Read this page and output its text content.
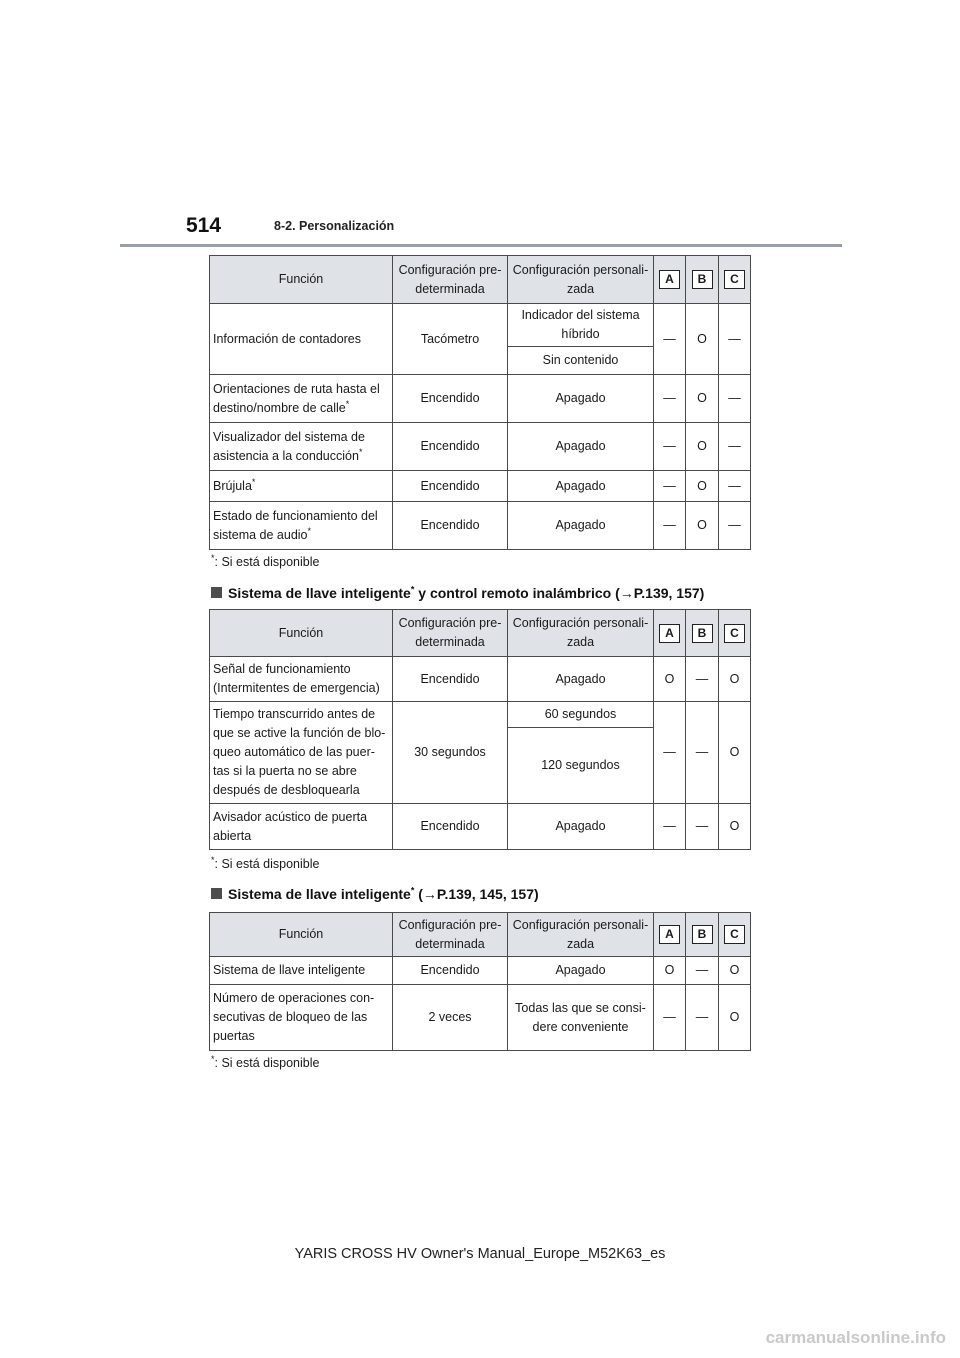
514	8-2. Personalización
Función	Configuración pre-determinada	Configuración personali-zada	A	B	C
Información de contadores	Tacómetro	Indicador del sistema híbrido	—	O	—
		Sin contenido			
Orientaciones de ruta hasta el destino/nombre de calle*	Encendido	Apagado	—	O	—
Visualizador del sistema de asistencia a la conducción*	Encendido	Apagado	—	O	—
Brújula*	Encendido	Apagado	—	O	—
Estado de funcionamiento del sistema de audio*	Encendido	Apagado	—	O	—
*: Si está disponible
Sistema de llave inteligente* y control remoto inalámbrico (→P.139, 157)
Función	Configuración pre-determinada	Configuración personali-zada	A	B	C
Señal de funcionamiento (Intermitentes de emergencia)	Encendido	Apagado	O	—	O
Tiempo transcurrido antes de que se active la función de blo-queo automático de las puer-tas si la puerta no se abre después de desbloquearla	30 segundos	60 segundos	—	—	O
		120 segundos			
Avisador acústico de puerta abierta	Encendido	Apagado	—	—	O
*: Si está disponible
Sistema de llave inteligente* (→P.139, 145, 157)
Función	Configuración pre-determinada	Configuración personali-zada	A	B	C
Sistema de llave inteligente	Encendido	Apagado	O	—	O
Número de operaciones con-secutivas de bloqueo de las puertas	2 veces	Todas las que se consi-dere conveniente	—	—	O
*: Si está disponible
YARIS CROSS HV Owner's Manual_Europe_M52K63_es
carmanualsonline.info
